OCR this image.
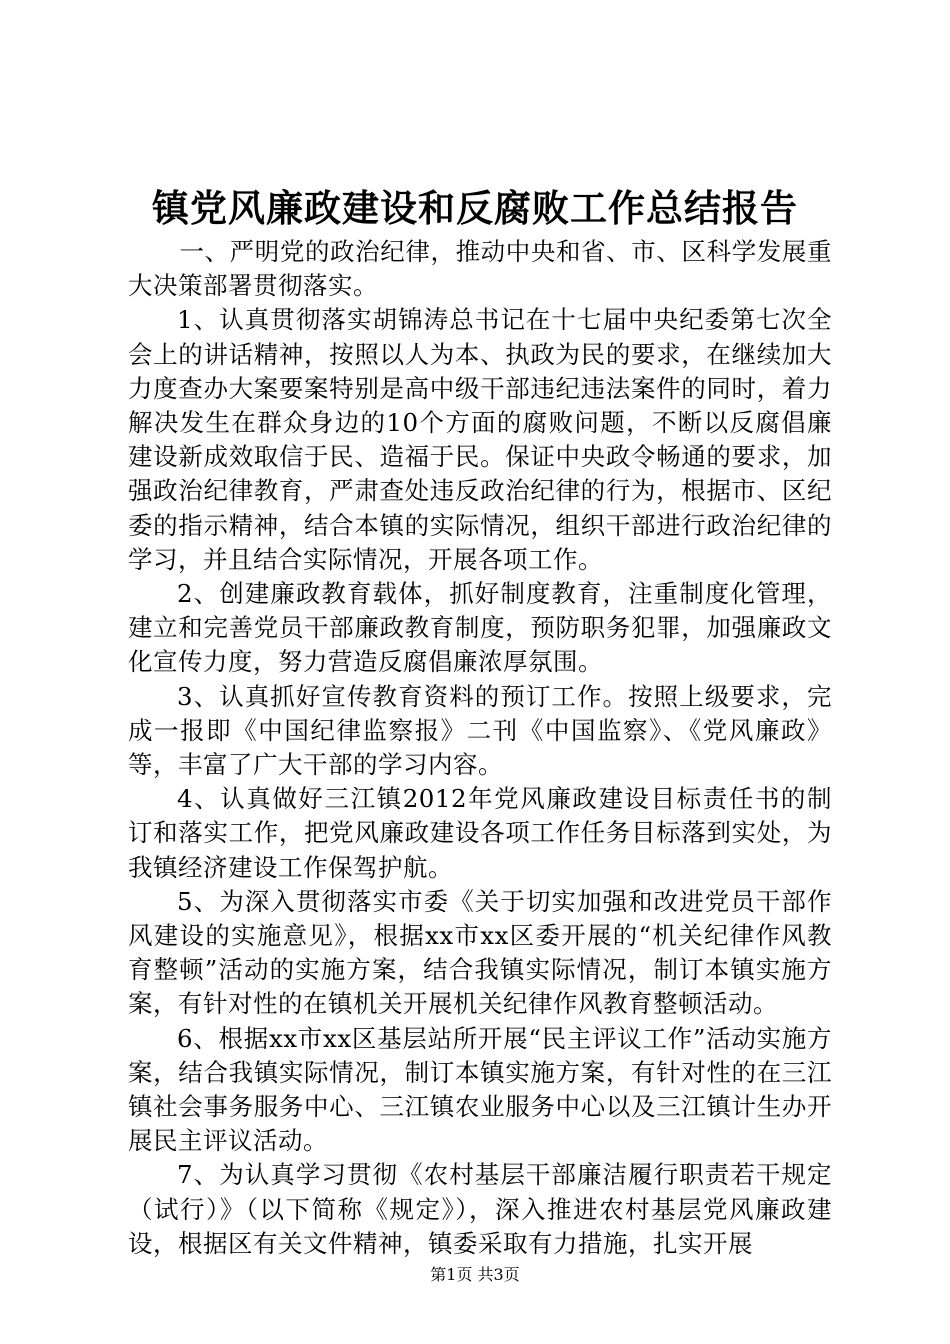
镇党风廉政建设和反腐败工作总结报告

一、严明党的政治纪律，推动中央和省、市、区科学发展重大决策部署贯彻落实。

1、认真贯彻落实胡锦涛总书记在十七届中央纪委第七次全会上的讲话精神，按照以人为本、执政为民的要求，在继续加大力度查办大案要案特别是高中级干部违纪违法案件的同时，着力解决发生在群众身边的10个方面的腐败问题，不断以反腐倡廉建设新成效取信于民、造福于民。保证中央政令畅通的要求，加强政治纪律教育，严肃查处违反政治纪律的行为，根据市、区纪委的指示精神，结合本镇的实际情况，组织干部进行政治纪律的学习，并且结合实际情况，开展各项工作。

2、创建廉政教育载体，抓好制度教育，注重制度化管理，建立和完善党员干部廉政教育制度，预防职务犯罪，加强廉政文化宣传力度，努力营造反腐倡廉浓厚氛围。

3、认真抓好宣传教育资料的预订工作。按照上级要求，完成一报即《中国纪律监察报》二刊《中国监察》、《党风廉政》等，丰富了广大干部的学习内容。

4、认真做好三江镇2012年党风廉政建设目标责任书的制订和落实工作，把党风廉政建设各项工作任务目标落到实处，为我镇经济建设工作保驾护航。

5、为深入贯彻落实市委《关于切实加强和改进党员干部作风建设的实施意见》，根据xx市xx区委开展的“机关纪律作风教育整顿”活动的实施方案，结合我镇实际情况，制订本镇实施方案，有针对性的在镇机关开展机关纪律作风教育整顿活动。

6、根据xx市xx区基层站所开展“民主评议工作”活动实施方案，结合我镇实际情况，制订本镇实施方案，有针对性的在三江镇社会事务服务中心、三江镇农业服务中心以及三江镇计生办开展民主评议活动。

7、为认真学习贯彻《农村基层干部廉洁履行职责若干规定（试行）》（以下简称《规定》），深入推进农村基层党风廉政建设，根据区有关文件精神，镇委采取有力措施，扎实开展

第1页 共3页
